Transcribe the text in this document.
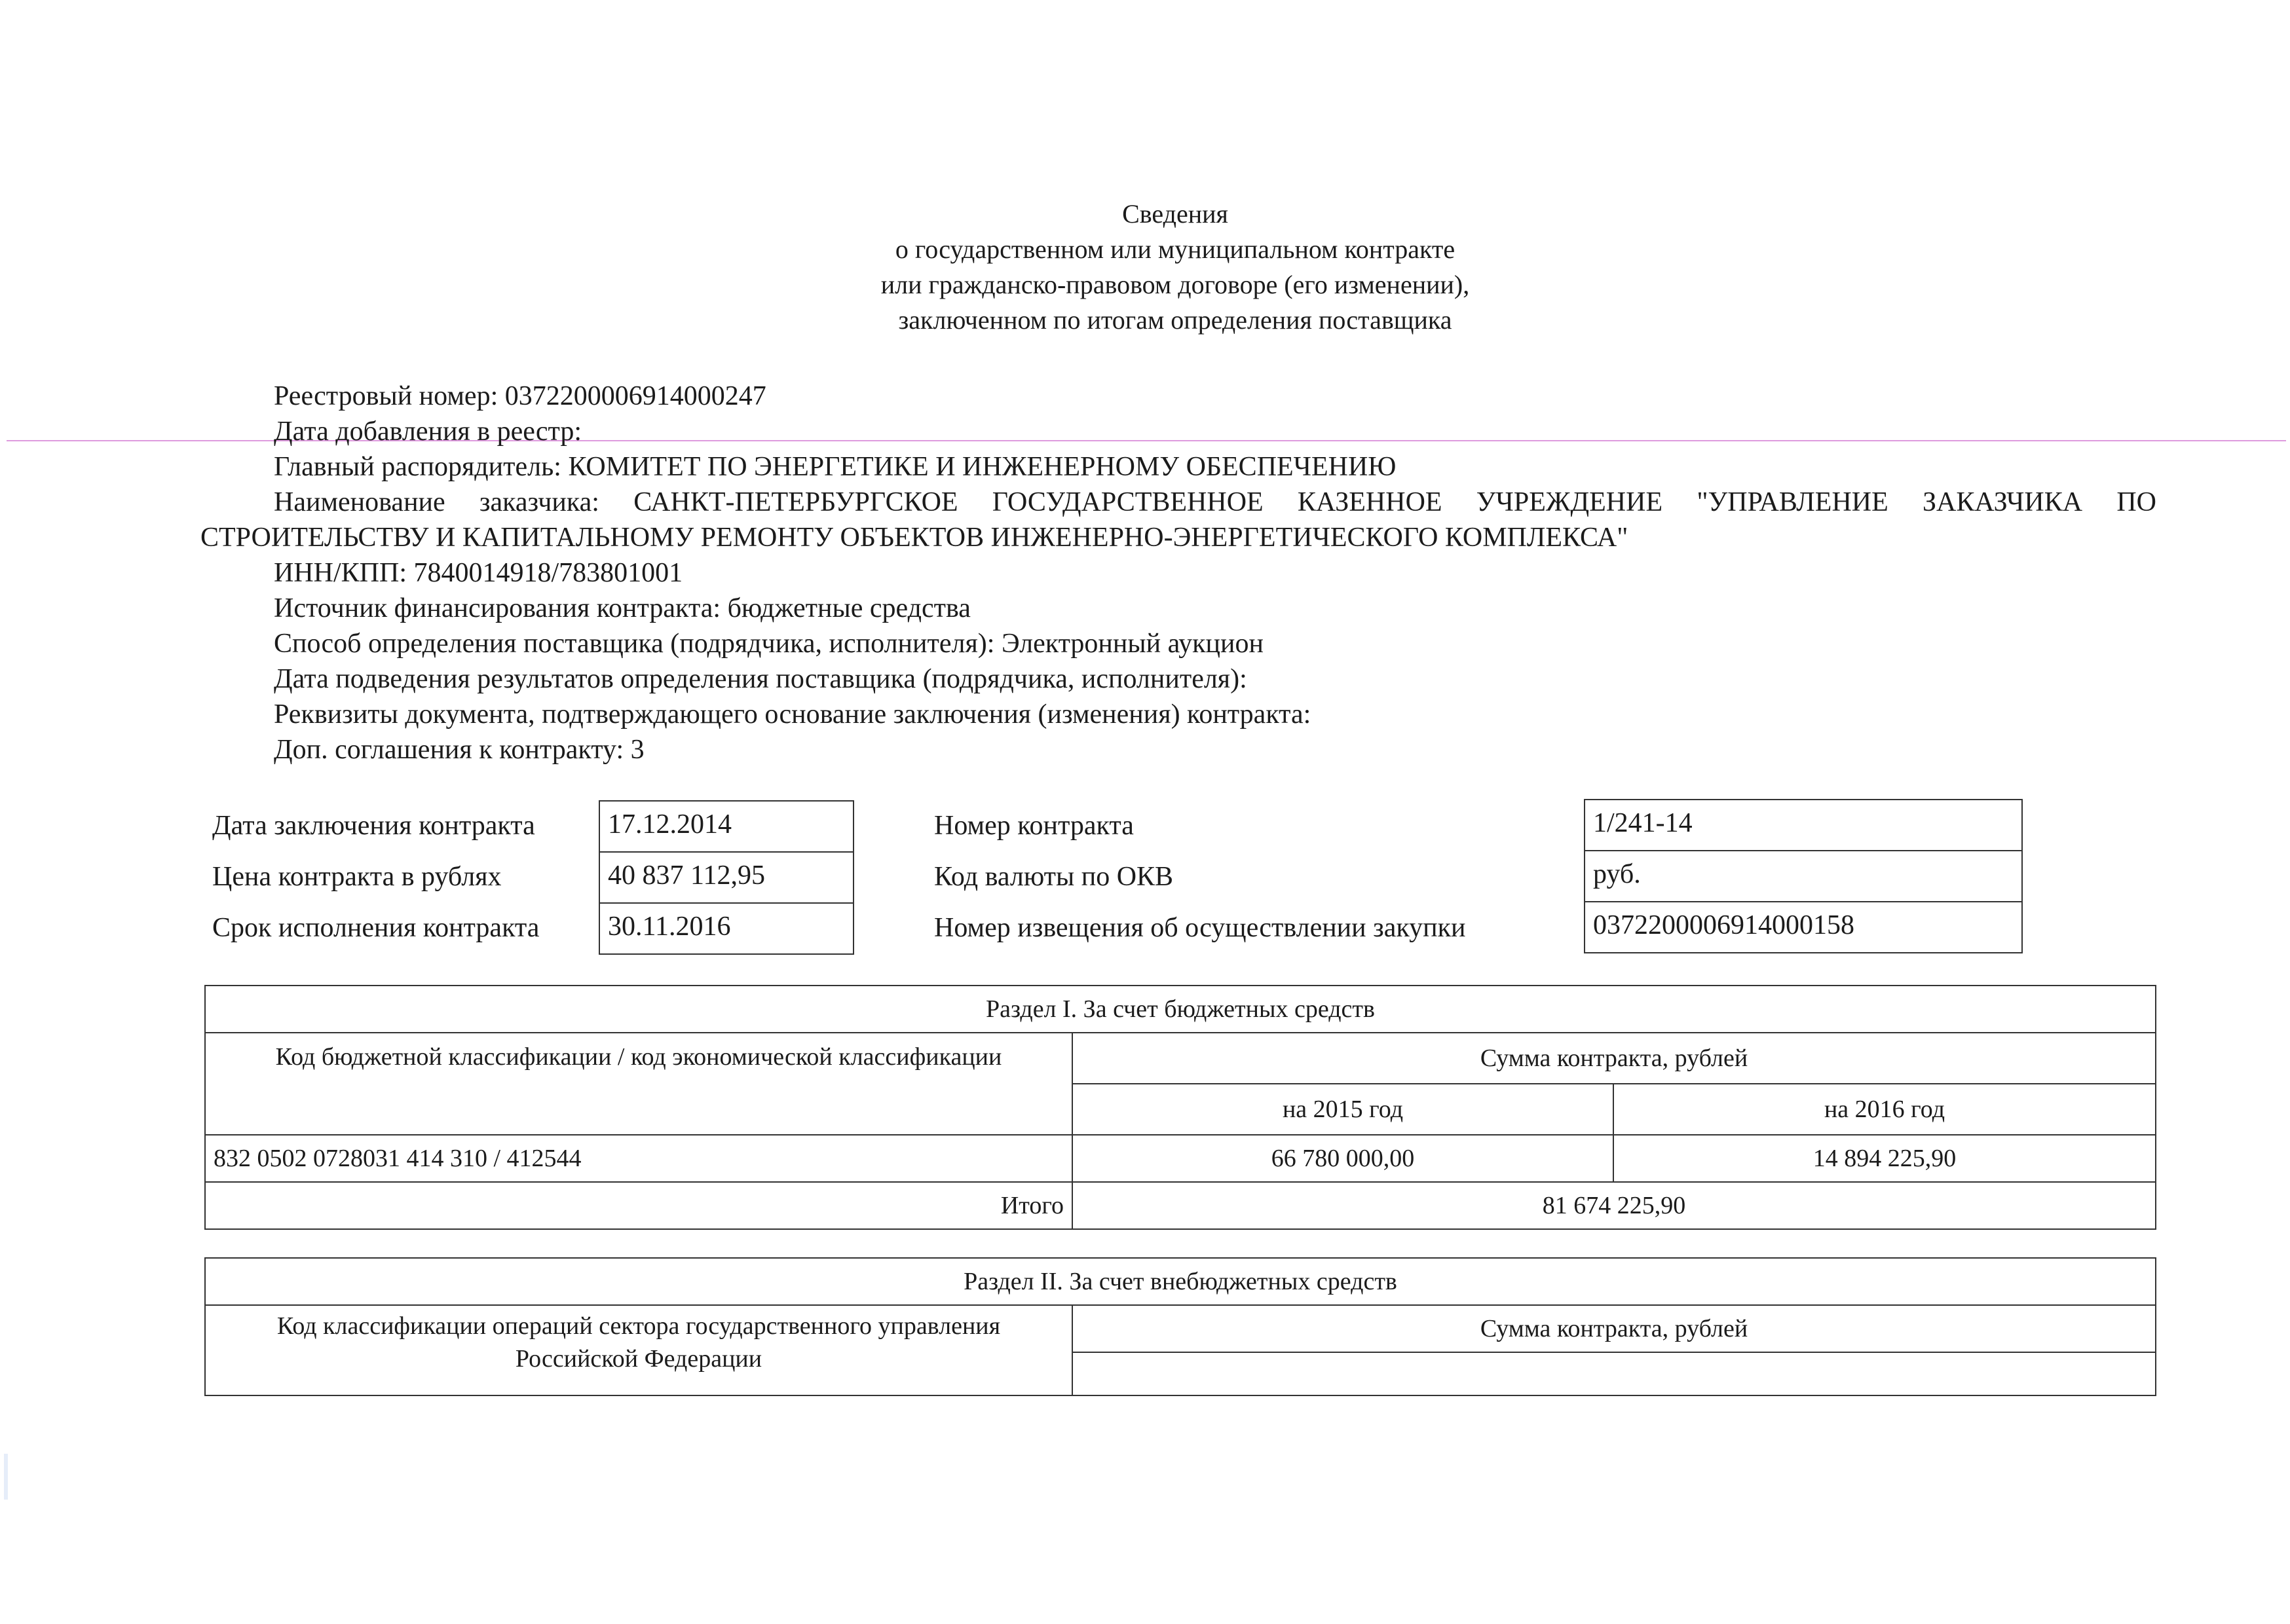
Сведения
о государственном или муниципальном контракте
или гражданско-правовом договоре (его изменении),
заключенном по итогам определения поставщика
Реестровый номер: 0372200006914000247
Дата добавления в реестр:
Главный распорядитель: КОМИТЕТ ПО ЭНЕРГЕТИКЕ И ИНЖЕНЕРНОМУ ОБЕСПЕЧЕНИЮ
Наименование заказчика: САНКТ-ПЕТЕРБУРГСКОЕ ГОСУДАРСТВЕННОЕ КАЗЕННОЕ УЧРЕЖДЕНИЕ "УПРАВЛЕНИЕ ЗАКАЗЧИКА ПО СТРОИТЕЛЬСТВУ И КАПИТАЛЬНОМУ РЕМОНТУ ОБЪЕКТОВ ИНЖЕНЕРНО-ЭНЕРГЕТИЧЕСКОГО КОМПЛЕКСА"
ИНН/КПП: 7840014918/783801001
Источник финансирования контракта: бюджетные средства
Способ определения поставщика (подрядчика, исполнителя): Электронный аукцион
Дата подведения результатов определения поставщика (подрядчика, исполнителя):
Реквизиты документа, подтверждающего основание заключения (изменения) контракта:
Доп. соглашения к контракту: 3
Дата заключения контракта	17.12.2014
Цена контракта в рублях	40 837 112,95
Срок исполнения контракта	30.11.2016
Номер контракта	1/241-14
Код валюты по ОКВ	руб.
Номер извещения об осуществлении закупки	0372200006914000158
Раздел I. За счет бюджетных средств		
Код бюджетной классификации / код экономической классификации	Сумма контракта, рублей	
	на 2015 год	на 2016 год
832 0502 0728031 414 310 / 412544	66 780 000,00	14 894 225,90
Итого	81 674 225,90	
Раздел II. За счет внебюджетных средств
Код классификации операций сектора государственного управления Российской Федерации	Сумма контракта, рублей
